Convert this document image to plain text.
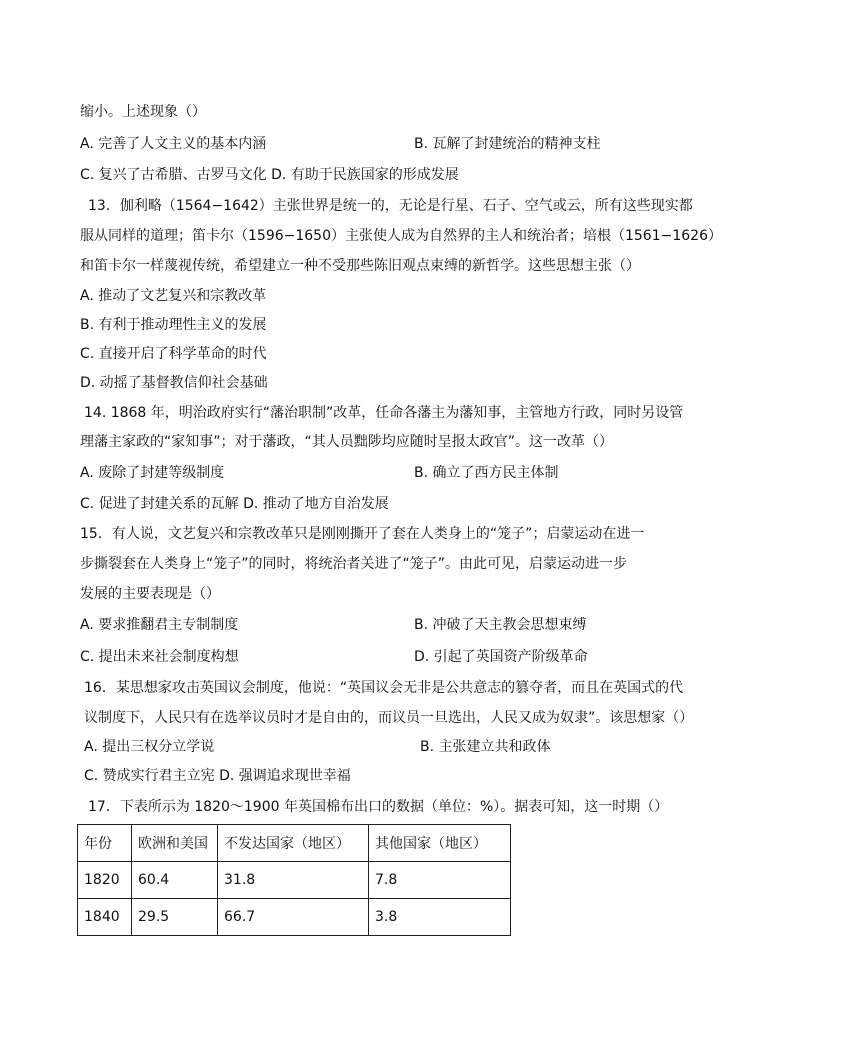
缩小。上述现象（）
A. 完善了人文主义的基本内涵	B. 瓦解了封建统治的精神支柱
C. 复兴了古希腊、古罗马文化 D. 有助于民族国家的形成发展
13．伽利略（1564−1642）主张世界是统一的，无论是行星、石子、空气或云，所有这些现实都
服从同样的道理；笛卡尔（1596−1650）主张使人成为自然界的主人和统治者；培根（1561−1626）
和笛卡尔一样蔑视传统，希望建立一种不受那些陈旧观点束缚的新哲学。这些思想主张（）
A. 推动了文艺复兴和宗教改革
B. 有利于推动理性主义的发展
C. 直接开启了科学革命的时代
D. 动摇了基督教信仰社会基础
14. 1868 年，明治政府实行“藩治职制”改革，任命各藩主为藩知事，主管地方行政，同时另设管
理藩主家政的“家知事”；对于藩政，“其人员黜陟均应随时呈报太政官”。这一改革（）
A. 废除了封建等级制度	B. 确立了西方民主体制
C. 促进了封建关系的瓦解 D. 推动了地方自治发展
15．有人说，文艺复兴和宗教改革只是刚刚撕开了套在人类身上的“笼子”；启蒙运动在进一
步撕裂套在人类身上“笼子”的同时，将统治者关进了“笼子”。由此可见，启蒙运动进一步
发展的主要表现是（）
A. 要求推翻君主专制制度	B. 冲破了天主教会思想束缚
C. 提出未来社会制度构想	D. 引起了英国资产阶级革命
16．某思想家攻击英国议会制度，他说：“英国议会无非是公共意志的篡夺者，而且在英国式的代
议制度下，人民只有在选举议员时才是自由的，而议员一旦选出，人民又成为奴隶”。该思想家（）
A. 提出三权分立学说	B. 主张建立共和政体
C. 赞成实行君主立宪 D. 强调追求现世幸福
17．下表所示为 1820～1900 年英国棉布出口的数据（单位：%）。据表可知，这一时期（）
年份	欧洲和美国	不发达国家（地区）	其他国家（地区）
1820	60.4	31.8	7.8
1840	29.5	66.7	3.8
